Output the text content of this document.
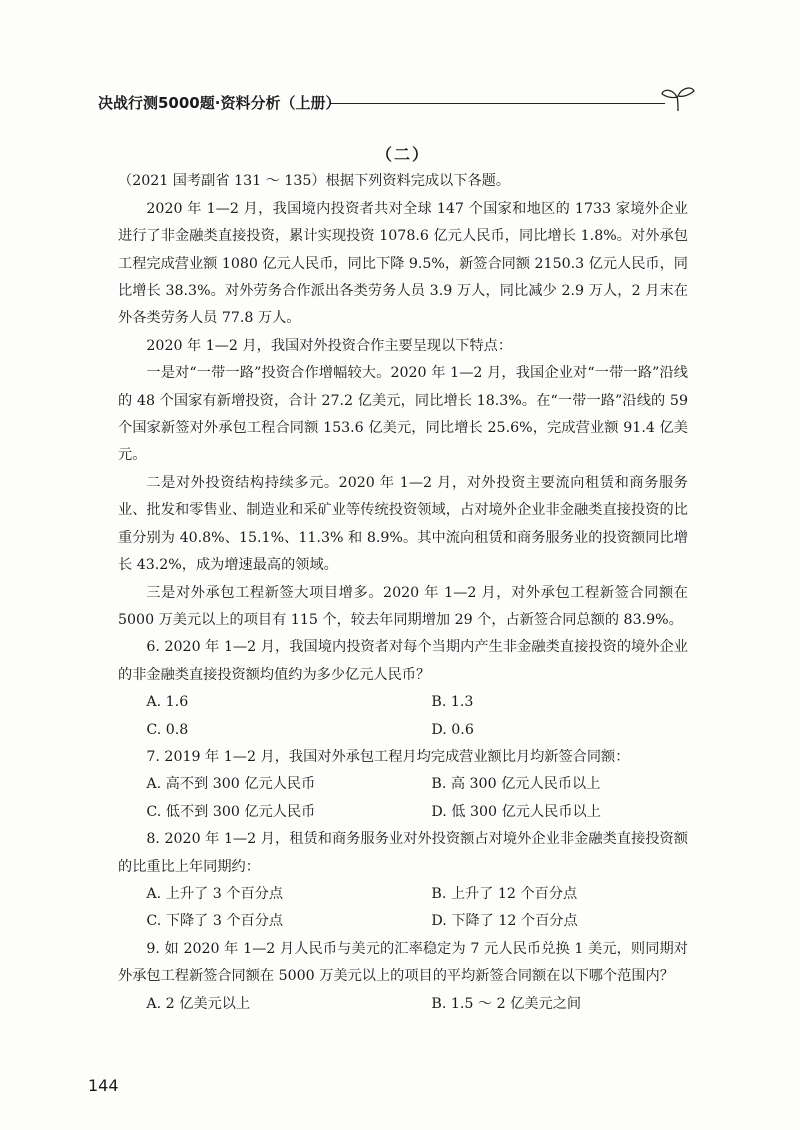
决战行测5000题·资料分析（上册）
（二）

（2021 国考副省 131 ～ 135）根据下列资料完成以下各题。

2020 年 1—2 月，我国境内投资者共对全球 147 个国家和地区的 1733 家境外企业进行了非金融类直接投资，累计实现投资 1078.6 亿元人民币，同比增长 1.8%。对外承包工程完成营业额 1080 亿元人民币，同比下降 9.5%，新签合同额 2150.3 亿元人民币，同比增长 38.3%。对外劳务合作派出各类劳务人员 3.9 万人，同比减少 2.9 万人，2 月末在外各类劳务人员 77.8 万人。

2020 年 1—2 月，我国对外投资合作主要呈现以下特点：

一是对“一带一路”投资合作增幅较大。2020 年 1—2 月，我国企业对“一带一路”沿线的 48 个国家有新增投资，合计 27.2 亿美元，同比增长 18.3%。在“一带一路”沿线的 59 个国家新签对外承包工程合同额 153.6 亿美元，同比增长 25.6%，完成营业额 91.4 亿美元。

二是对外投资结构持续多元。2020 年 1—2 月，对外投资主要流向租赁和商务服务业、批发和零售业、制造业和采矿业等传统投资领域，占对境外企业非金融类直接投资的比重分别为 40.8%、15.1%、11.3% 和 8.9%。其中流向租赁和商务服务业的投资额同比增长 43.2%，成为增速最高的领域。

三是对外承包工程新签大项目增多。2020 年 1—2 月，对外承包工程新签合同额在 5000 万美元以上的项目有 115 个，较去年同期增加 29 个，占新签合同总额的 83.9%。

6. 2020 年 1—2 月，我国境内投资者对每个当期内产生非金融类直接投资的境外企业的非金融类直接投资额均值约为多少亿元人民币？

A. 1.6	B. 1.3
C. 0.8	D. 0.6

7. 2019 年 1—2 月，我国对外承包工程月均完成营业额比月均新签合同额：

A. 高不到 300 亿元人民币	B. 高 300 亿元人民币以上
C. 低不到 300 亿元人民币	D. 低 300 亿元人民币以上

8. 2020 年 1—2 月，租赁和商务服务业对外投资额占对境外企业非金融类直接投资额的比重比上年同期约：

A. 上升了 3 个百分点	B. 上升了 12 个百分点
C. 下降了 3 个百分点	D. 下降了 12 个百分点

9. 如 2020 年 1—2 月人民币与美元的汇率稳定为 7 元人民币兑换 1 美元，则同期对外承包工程新签合同额在 5000 万美元以上的项目的平均新签合同额在以下哪个范围内？

A. 2 亿美元以上	B. 1.5 ～ 2 亿美元之间
144
